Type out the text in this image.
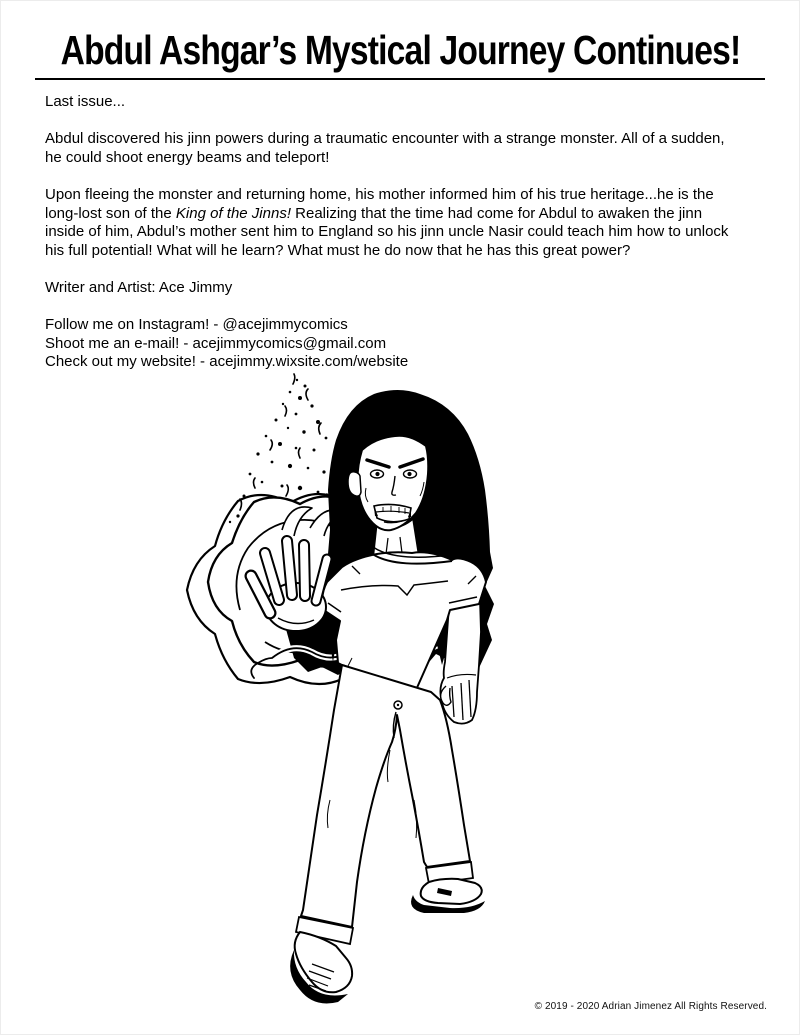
Abdul Ashgar’s Mystical Journey Continues!

Last issue...

Abdul discovered his jinn powers during a traumatic encounter with a strange monster. All of a sudden, he could shoot energy beams and teleport!

Upon fleeing the monster and returning home, his mother informed him of his true heritage...he is the long-lost son of the King of the Jinns! Realizing that the time had come for Abdul to awaken the jinn inside of him, Abdul’s mother sent him to England so his jinn uncle Nasir could teach him how to unlock his full potential! What will he learn? What must he do now that he has this great power?

Writer and Artist: Ace Jimmy

Follow me on Instagram! - @acejimmycomics

Shoot me an e-mail! - acejimmycomics@gmail.com

Check out my website! - acejimmy.wixsite.com/website

© 2019 - 2020 Adrian Jimenez All Rights Reserved.
